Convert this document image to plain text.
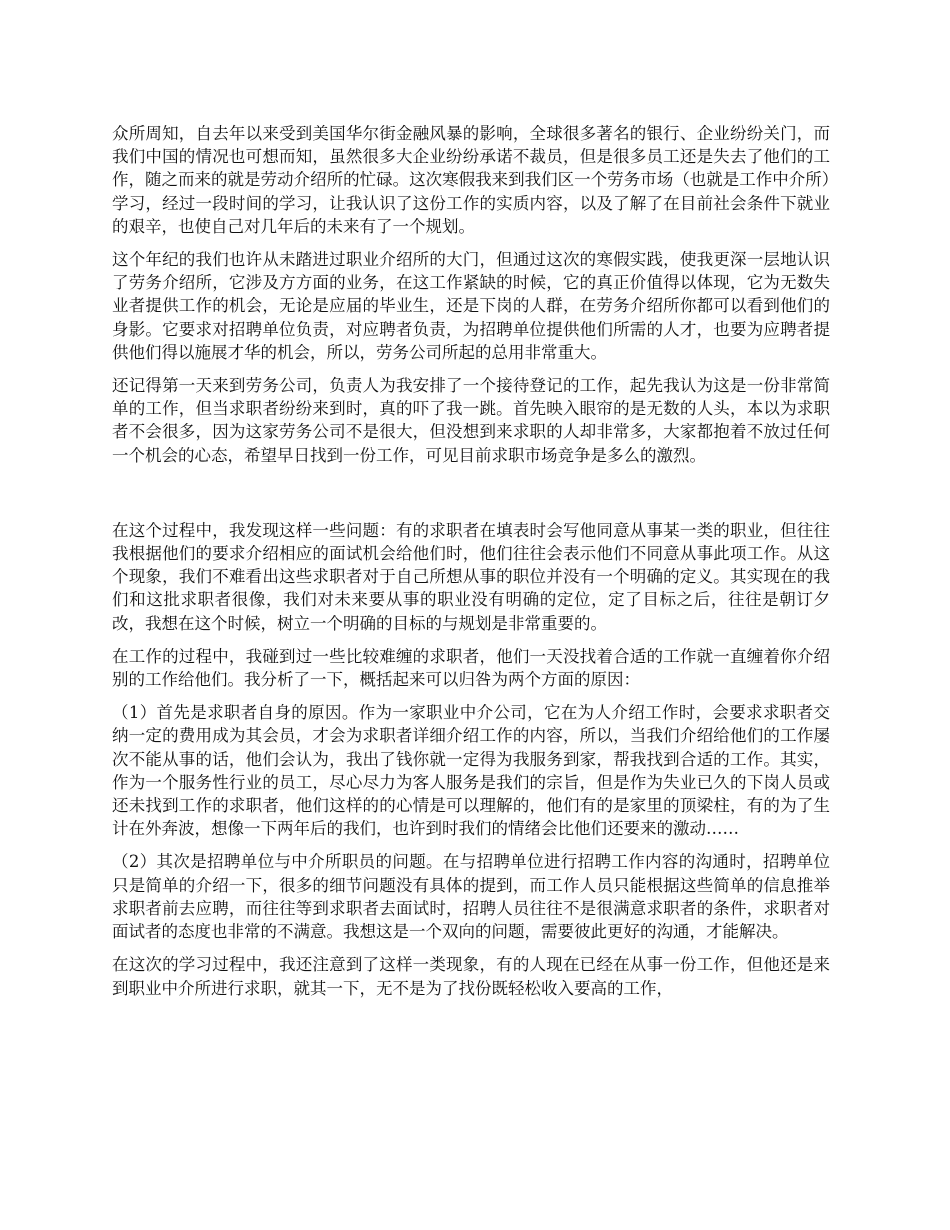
众所周知，自去年以来受到美国华尔街金融风暴的影响，全球很多著名的银行、企业纷纷关门，而我们中国的情况也可想而知，虽然很多大企业纷纷承诺不裁员，但是很多员工还是失去了他们的工作，随之而来的就是劳动介绍所的忙碌。这次寒假我来到我们区一个劳务市场（也就是工作中介所）学习，经过一段时间的学习，让我认识了这份工作的实质内容，以及了解了在目前社会条件下就业的艰辛，也使自己对几年后的未来有了一个规划。

这个年纪的我们也许从未踏进过职业介绍所的大门，但通过这次的寒假实践，使我更深一层地认识了劳务介绍所，它涉及方方面的业务，在这工作紧缺的时候，它的真正价值得以体现，它为无数失业者提供工作的机会，无论是应届的毕业生，还是下岗的人群，在劳务介绍所你都可以看到他们的身影。它要求对招聘单位负责，对应聘者负责，为招聘单位提供他们所需的人才，也要为应聘者提供他们得以施展才华的机会，所以，劳务公司所起的总用非常重大。

还记得第一天来到劳务公司，负责人为我安排了一个接待登记的工作，起先我认为这是一份非常简单的工作，但当求职者纷纷来到时，真的吓了我一跳。首先映入眼帘的是无数的人头，本以为求职者不会很多，因为这家劳务公司不是很大，但没想到来求职的人却非常多，大家都抱着不放过任何一个机会的心态，希望早日找到一份工作，可见目前求职市场竞争是多么的激烈。

在这个过程中，我发现这样一些问题：有的求职者在填表时会写他同意从事某一类的职业，但往往我根据他们的要求介绍相应的面试机会给他们时，他们往往会表示他们不同意从事此项工作。从这个现象，我们不难看出这些求职者对于自己所想从事的职位并没有一个明确的定义。其实现在的我们和这批求职者很像，我们对未来要从事的职业没有明确的定位，定了目标之后，往往是朝订夕改，我想在这个时候，树立一个明确的目标的与规划是非常重要的。

在工作的过程中，我碰到过一些比较难缠的求职者，他们一天没找着合适的工作就一直缠着你介绍别的工作给他们。我分析了一下，概括起来可以归咎为两个方面的原因：

（1）首先是求职者自身的原因。作为一家职业中介公司，它在为人介绍工作时，会要求求职者交纳一定的费用成为其会员，才会为求职者详细介绍工作的内容，所以，当我们介绍给他们的工作屡次不能从事的话，他们会认为，我出了钱你就一定得为我服务到家，帮我找到合适的工作。其实，作为一个服务性行业的员工，尽心尽力为客人服务是我们的宗旨，但是作为失业已久的下岗人员或还未找到工作的求职者，他们这样的的心情是可以理解的，他们有的是家里的顶梁柱，有的为了生计在外奔波，想像一下两年后的我们，也许到时我们的情绪会比他们还要来的激动……

（2）其次是招聘单位与中介所职员的问题。在与招聘单位进行招聘工作内容的沟通时，招聘单位只是简单的介绍一下，很多的细节问题没有具体的提到，而工作人员只能根据这些简单的信息推举求职者前去应聘，而往往等到求职者去面试时，招聘人员往往不是很满意求职者的条件，求职者对面试者的态度也非常的不满意。我想这是一个双向的问题，需要彼此更好的沟通，才能解决。

在这次的学习过程中，我还注意到了这样一类现象，有的人现在已经在从事一份工作，但他还是来到职业中介所进行求职，就其一下，无不是为了找份既轻松收入要高的工作，
